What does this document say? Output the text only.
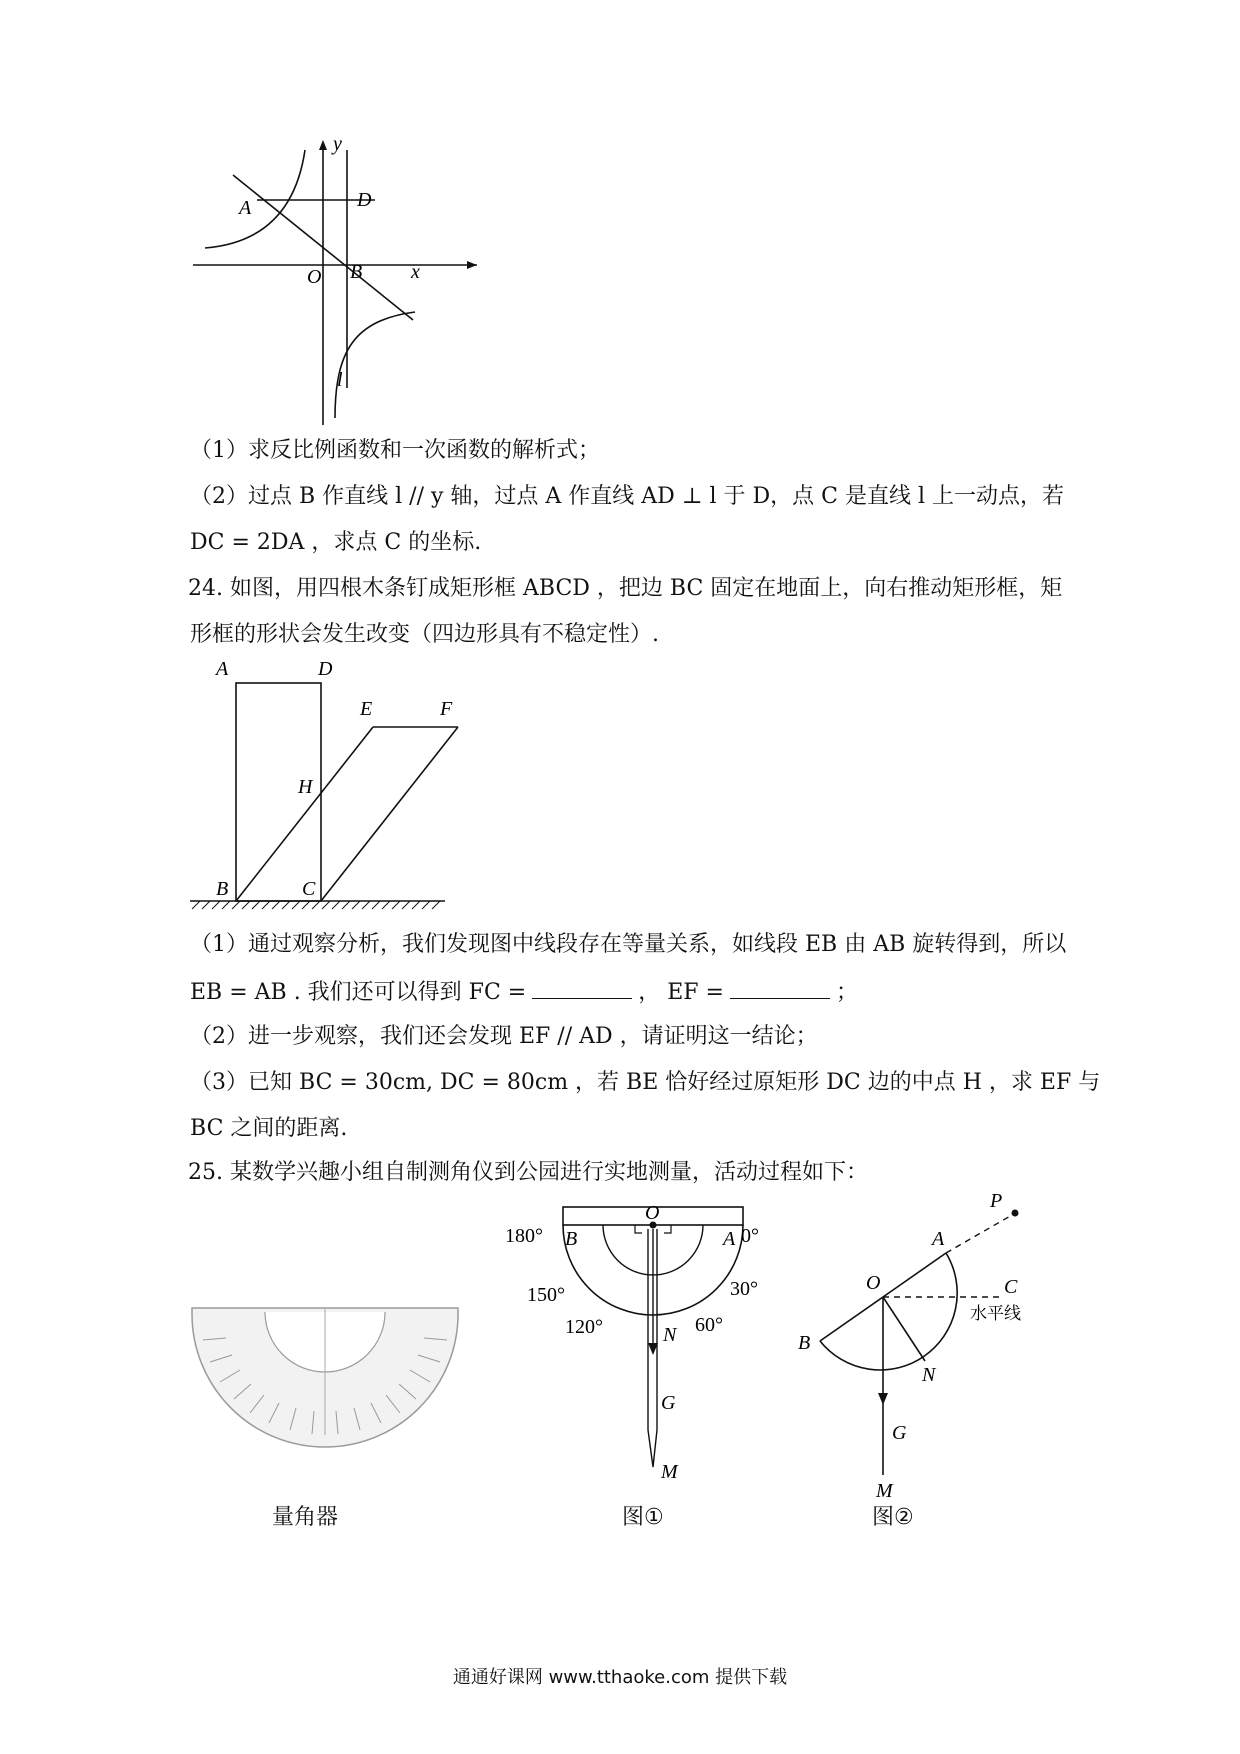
y
x
A	D
O B
l
（1）求反比例函数和一次函数的解析式；
（2）过点 B 作直线 l // y 轴，过点 A 作直线 AD ⊥ l 于 D，点 C 是直线 l 上一动点，若
DC = 2DA ，求点 C 的坐标.
24. 如图，用四根木条钉成矩形框 ABCD ，把边 BC 固定在地面上，向右推动矩形框，矩
形框的形状会发生改变（四边形具有不稳定性）.
A	D
E	F
H
B	C
（1）通过观察分析，我们发现图中线段存在等量关系，如线段 EB 由 AB 旋转得到，所以
EB = AB . 我们还可以得到 FC =	， EF =	；
（2）进一步观察，我们还会发现 EF // AD ，请证明这一结论；
（3）已知 BC = 30cm, DC = 80cm ，若 BE 恰好经过原矩形 DC 边的中点 H ，求 EF 与
BC 之间的距离.
25. 某数学兴趣小组自制测角仪到公园进行实地测量，活动过程如下：
量角器
O
B	A
180°	0°
150°	30°
120°	60°
N
G
M
图①
P
A
O	C
水平线
B
N
G
M
图②
通通好课网 www.tthaoke.com 提供下载
